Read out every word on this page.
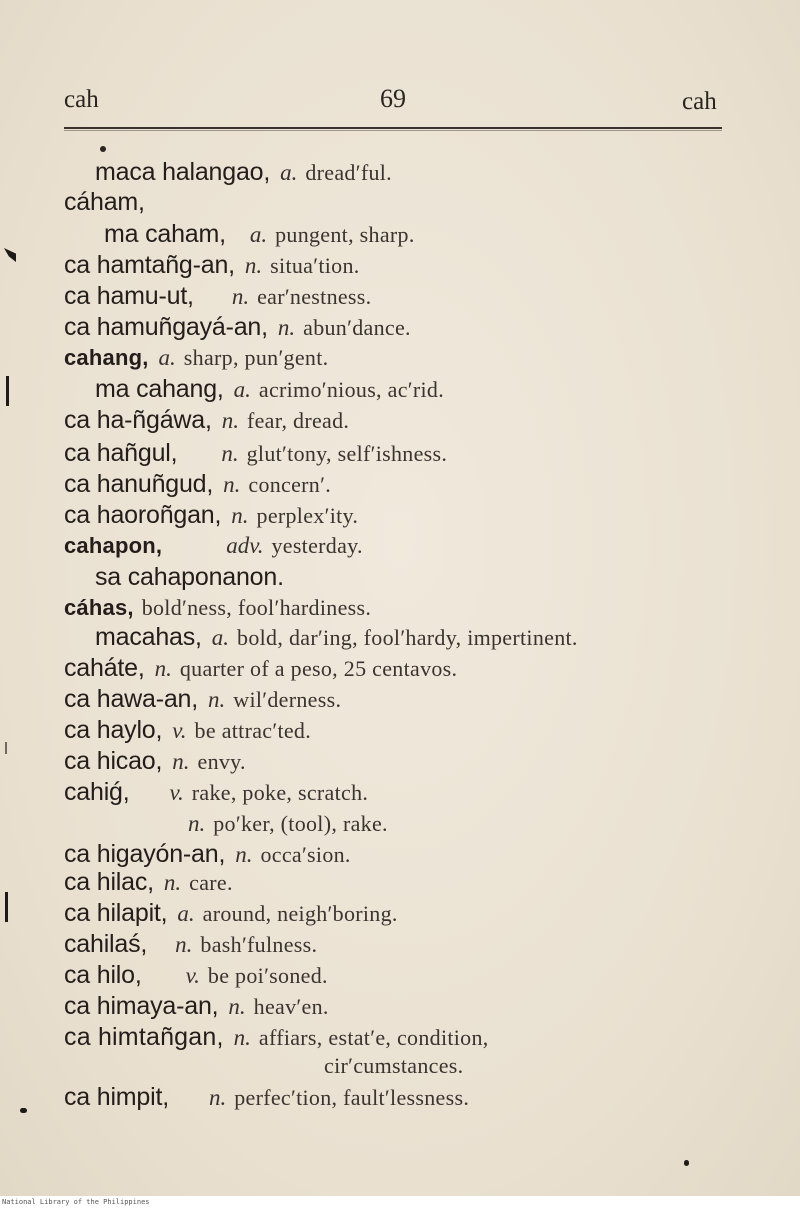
cah	69	cah
maca halangao, a. dread′ful.
cáham,
ma caham, a. pungent, sharp.
ca hamtañg-an, n. situa′tion.
ca hamu-ut, n. ear′nestness.
ca hamuñgayá-an, n. abun′dance.
cahang, a. sharp, pun′gent.
ma cahang, a. acrimo′nious, ac′rid.
ca ha-ñgáwa, n. fear, dread.
ca hañgul, n. glut′tony, self′ishness.
ca hanuñgud, n. concern′.
ca haoroñgan, n. perplex′ity.
cahapon,	adv. yesterday.
sa cahaponanon.
cáhas, bold′ness, fool′hardiness.
macahas, a. bold, dar′ing, fool′hardy, impertinent.
caháte, n. quarter of a peso, 25 centavos.
ca hawa-an, n. wil′derness.
ca haylo, v. be attrac′ted.
ca hicao, n. envy.
cahiǵ, v. rake, poke, scratch.
n. po′ker, (tool), rake.
ca higayón-an, n. occa′sion.
ca hilac, n. care.
ca hilapit, a. around, neigh′boring.
cahilaś, n. bash′fulness.
ca hilo, v. be poi′soned.
ca himaya-an, n. heav′en.
ca himtañgan, n. affiars, estat′e, condition,
cir′cumstances.
ca himpit, n. perfec′tion, fault′lessness.
National Library of the Philippines
